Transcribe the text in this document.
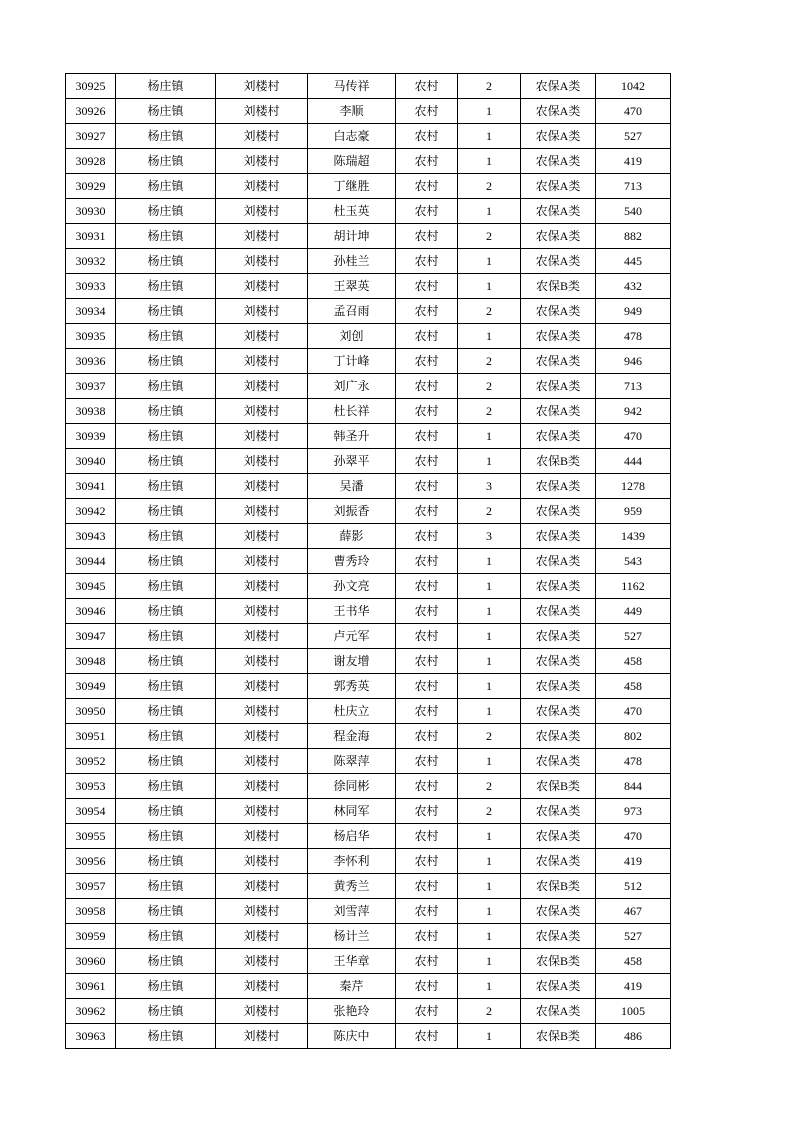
30925	杨庄镇	刘楼村	马传祥	农村	2	农保A类	1042
30926	杨庄镇	刘楼村	李顺	农村	1	农保A类	470
30927	杨庄镇	刘楼村	白志豪	农村	1	农保A类	527
30928	杨庄镇	刘楼村	陈瑞超	农村	1	农保A类	419
30929	杨庄镇	刘楼村	丁继胜	农村	2	农保A类	713
30930	杨庄镇	刘楼村	杜玉英	农村	1	农保A类	540
30931	杨庄镇	刘楼村	胡计坤	农村	2	农保A类	882
30932	杨庄镇	刘楼村	孙桂兰	农村	1	农保A类	445
30933	杨庄镇	刘楼村	王翠英	农村	1	农保B类	432
30934	杨庄镇	刘楼村	孟召雨	农村	2	农保A类	949
30935	杨庄镇	刘楼村	刘创	农村	1	农保A类	478
30936	杨庄镇	刘楼村	丁计峰	农村	2	农保A类	946
30937	杨庄镇	刘楼村	刘广永	农村	2	农保A类	713
30938	杨庄镇	刘楼村	杜长祥	农村	2	农保A类	942
30939	杨庄镇	刘楼村	韩圣升	农村	1	农保A类	470
30940	杨庄镇	刘楼村	孙翠平	农村	1	农保B类	444
30941	杨庄镇	刘楼村	吴潘	农村	3	农保A类	1278
30942	杨庄镇	刘楼村	刘振香	农村	2	农保A类	959
30943	杨庄镇	刘楼村	薛影	农村	3	农保A类	1439
30944	杨庄镇	刘楼村	曹秀玲	农村	1	农保A类	543
30945	杨庄镇	刘楼村	孙文亮	农村	1	农保A类	1162
30946	杨庄镇	刘楼村	王书华	农村	1	农保A类	449
30947	杨庄镇	刘楼村	卢元军	农村	1	农保A类	527
30948	杨庄镇	刘楼村	谢友增	农村	1	农保A类	458
30949	杨庄镇	刘楼村	郭秀英	农村	1	农保A类	458
30950	杨庄镇	刘楼村	杜庆立	农村	1	农保A类	470
30951	杨庄镇	刘楼村	程金海	农村	2	农保A类	802
30952	杨庄镇	刘楼村	陈翠萍	农村	1	农保A类	478
30953	杨庄镇	刘楼村	徐同彬	农村	2	农保B类	844
30954	杨庄镇	刘楼村	林同军	农村	2	农保A类	973
30955	杨庄镇	刘楼村	杨启华	农村	1	农保A类	470
30956	杨庄镇	刘楼村	李怀利	农村	1	农保A类	419
30957	杨庄镇	刘楼村	黄秀兰	农村	1	农保B类	512
30958	杨庄镇	刘楼村	刘雪萍	农村	1	农保A类	467
30959	杨庄镇	刘楼村	杨计兰	农村	1	农保A类	527
30960	杨庄镇	刘楼村	王华章	农村	1	农保B类	458
30961	杨庄镇	刘楼村	秦芹	农村	1	农保A类	419
30962	杨庄镇	刘楼村	张艳玲	农村	2	农保A类	1005
30963	杨庄镇	刘楼村	陈庆中	农村	1	农保B类	486
